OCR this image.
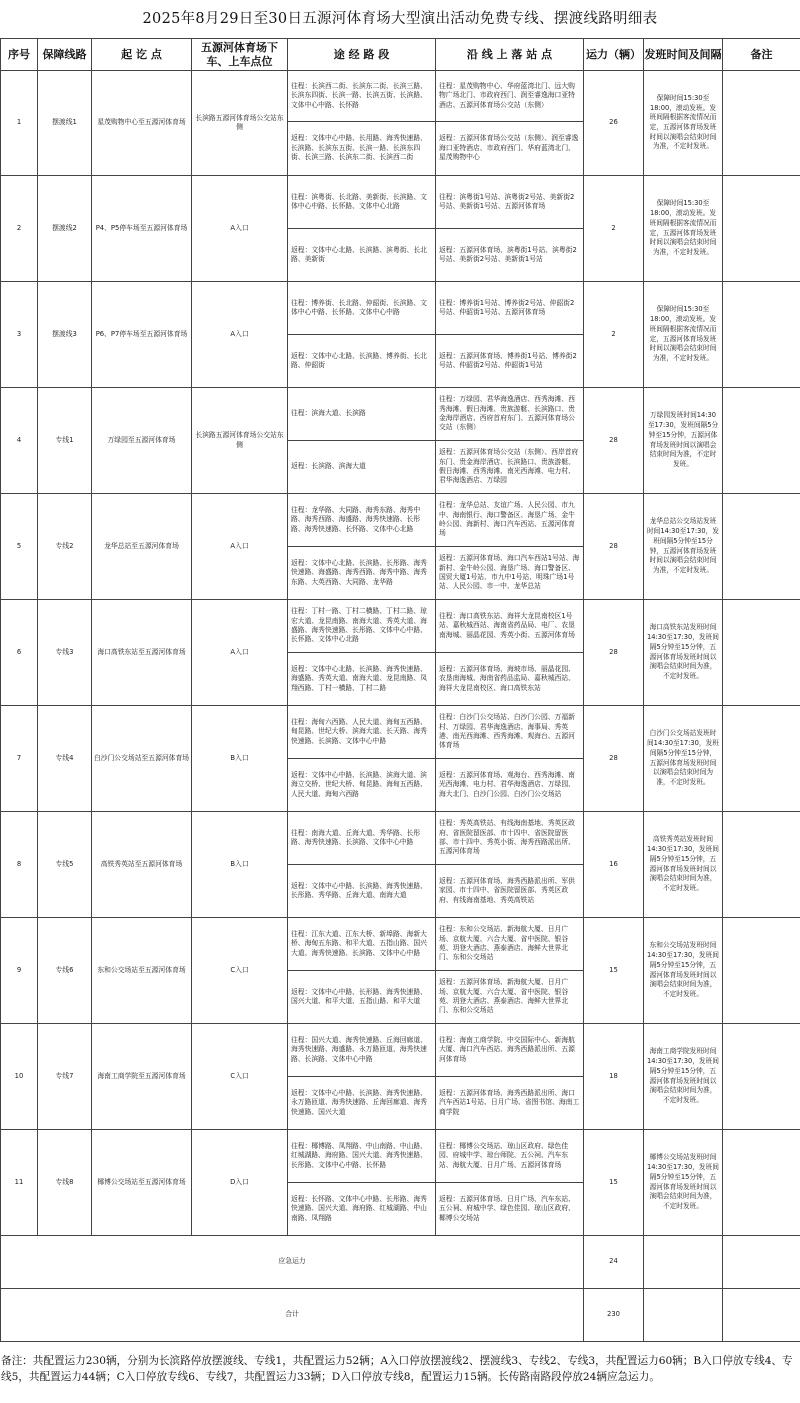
2025年8月29日至30日五源河体育场大型演出活动免费专线、摆渡线路明细表
序号	保障线路	起 讫 点	五源河体育场下车、上车点位	途 经 路 段	沿 线 上 落 站 点	运力（辆）	发班时间及间隔	备注
1	摆渡线1	星茂购物中心至五源河体育场	长滨路五源河体育场公交站东侧	往程：长滨西二街、长滨东二街、长滨三路、长滨东四街、长滨一路、长滨五街、长滨路、文体中心中路、长怀路	往程：星茂购物中心、华府蓝湾北门、远大购物广场北门、市政府西门、润至睿逸海口亚特酒店、五源河体育场公交站（东侧）	26	保障时间15:30至18:00，滚动发班。发班间隔根据客流情况而定，五源河体育场发班时间以演唱会结束时间为准，不定时发班。	
				返程：文体中心中路、长用路、海秀快速路、长滨路、长滨东五街、长滨一路、长滨东四街、长滨三路、长滨东二街、长滨西二街	返程：五源河体育场公交站（东侧）、润至睿逸海口亚特酒店、市政府西门、华府蓝湾北门、星茂购物中心			
2	摆渡线2	P4、P5停车场至五源河体育场	A入口	往程：滨粤街、长北路、美新街、长滨路、文体中心中路、长怀路、文体中心北路	往程：滨粤街1号站、滨粤街2号站、美新街2号站、美新街1号站、五源河体育场	2	保障时间15:30至18:00，滚动发班。发班间隔根据客流情况而定，五源河体育场发班时间以演唱会结束时间为准，不定时发班。	
				返程：文体中心北路、长滨路、滨粤街、长北路、美新街	返程：五源河体育场、滨粤街1号站、滨粤街2号站、美新街2号站、美新街1号站			
3	摆渡线3	P6、P7停车场至五源河体育场	A入口	往程：博养街、长北路、仲韶街、长滨路、文体中心中路、长怀路、文体中心中路	往程：博养街1号站、博养街2号站、仲韶街2号站、仲韶街1号站、五源河体育场	2	保障时间15:30至18:00，滚动发班。发班间隔根据客流情况而定，五源河体育场发班时间以演唱会结束时间为准，不定时发班。	
				返程：文体中心北路、长滨路、博养街、长北路、仲韶街	返程：五源河体育场、博养街1号站、博养街2号站、仲韶街2号站、仲韶街1号站			
4	专线1	万绿园至五源河体育场	长滨路五源河体育场公交站东侧	往程：滨海大道、长滨路	往程：万绿园、君华海逸酒店、西秀海滩、西秀海滩、假日海滩、贵族游艇、长滨路口、贵金海岸酒店、西府首府东门、五源河体育场公交站（东侧）	28	万绿园发班时间14:30至17:30，发班间隔5分钟至15分钟，五源河体育场发班时间以演唱会结束时间为准，不定时发班。	
				返程：长滨路、滨海大道	返程：五源河体育场公交站（东侧）、西岸首府东门、贵金海岸酒店、长滨路口、贵族游艇、假日海滩、西秀海滩、南光西海滩、电力村、君华海逸酒店、万绿园			
5	专线2	龙华总站至五源河体育场	A入口	往程：龙华路、大同路、海秀东路、海秀中路、海秀西路、海盛路、海秀快速路、长彤路、海秀快速路、长怀路、文体中心北路	往程：龙华总站、友谊广场、人民公园、市九中、海南银行、海口警备区、海垦广场、金牛岭公园、海新村、海口汽车西站、五源河体育场	28	龙华总站公交场站发班时间14:30至17:30，发班间隔5分钟至15分钟，五源河体育场发班时间以演唱会结束时间为准，不定时发班。	
				返程：文体中心北路、长滨路、长彤路、海秀快速路、海盛路、海秀西路、海秀中路、海秀东路、大英西路、大同路、龙华路	返程：五源河体育场、海口汽车西站1号站、海新村、金牛岭公园、海垦广场、海口警备区、国贸大厦1号站、市九中1号站、明珠广场1号站、人民公园、市一中、龙华总站			
6	专线3	海口高铁东站至五源河体育场	A入口	往程：丁村一路、丁村二横路、丁村二路、琼宏大道、龙昆南路、南海大道、秀英大道、海盛路、海秀快速路、长彤路、文体中心中路、长怀路、文体中心北路	往程：海口高铁东站、海祥大龙昆南校区1号站、嘉秋城西站、海南省药品局、电厂、农垦南海城、丽晶花园、秀英小街、五源河体育场	28	海口高铁东站发班时间14:30至17:30，发班间隔5分钟至15分钟，五源河体育场发班时间以演唱会结束时间为准，不定时发班。	
				返程：文体中心北路、长滨路、海秀快速路、海盛路、秀英大道、南海大道、龙昆南路、凤翔西路、丁村一横路、丁村二路	返程：五源河体育场、海坡市场、丽晶花园、农垦南海城、海南省药品监局、嘉秋城西站、海祥大龙昆南校区、海口高铁东站			
7	专线4	白沙门公交场站至五源河体育场	B入口	往程：海甸六西路、人民大道、海甸五西路、甸昆路、世纪大桥、滨海大道、长天路、海秀快速路、长滨路、文体中心中路	往程：白沙门公交场站、白沙门公园、万福新村、万绿园、君华海逸酒店、海事局、秀英港、南光西海滩、西秀海滩、观海台、五源河体育场	28	白沙门公交场站发班时间14:30至17:30，发班间隔5分钟至15分钟，五源河体育场发班时间以演唱会结束时间为准，不定时发班。	
				返程：文体中心中路、长滨路、滨海大道、滨海立交桥、世纪大桥、甸昆路、海甸五西路、人民大道、海甸六西路	返程：五源河体育场、观海台、西秀海滩、南光西海滩、电力村、君华海逸酒店、万绿园、海大北门、白沙门公园、白沙门公交场站			
8	专线5	高铁秀英站至五源河体育场	B入口	往程：南海大道、丘海大道、秀华路、长彤路、海秀快速路、长滨路、文体中心中路	往程：秀英高铁站、有线海南基地、秀英区政府、省医院留医部、市十四中、省医院留医部、市十四中、秀英小街、海秀西路派出所、五源河体育场	16	高铁秀英站发班时间14:30至17:30，发班间隔5分钟至15分钟，五源河体育场发班时间以演唱会结束时间为准，不定时发班。	
				返程：文体中心中路、长滨路、海秀快速路、长彤路、秀华路、丘海大道、南海大道	返程：五源河体育场、海秀西路派出所、军供家园、市十四中、省医院留医部、秀英区政府、有线海南基地、秀英高铁站			
9	专线6	东和公交场站至五源河体育场	C入口	往程：江东大道、江东大桥、新埠路、海新大桥、海甸五东路、和平大道、五指山路、国兴大道、海秀快速路、长滨路、文体中心中路	往程：东和公交场站、新海航大厦、日月广场、京航大厦、六合大厦、省中医院、银谷苑、玥登大酒店、燕泰酒店、海鲜大世界北门、东和公交场站	15	东和公交场站发班时间14:30至17:30，发班间隔5分钟至15分钟，五源河体育场发班时间以演唱会结束时间为准，不定时发班。	
				返程：文体中心中路、长形路、海秀快速路、国兴大道、和平大道、五指山路、和平大道	返程：五源河体育场、新海航大厦、日月广场、京航大厦、六合大厦、省中医院、银谷苑、玥登大酒店、燕泰酒店、海鲜大世界北门、东和公交场站			
10	专线7	海南工商学院至五源河体育场	C入口	往程：国兴大道、海秀快速路、丘海回廊道、海秀快速路、海盛路、永万路匝道、海秀快速路、长滨路、文体中心中路	往程：海南工商学院、中交国际中心、新海航大厦、海口汽车西站、海秀西路派出所、五源河体育场	18	海南工商学院发班时间14:30至17:30，发班间隔5分钟至15分钟，五源河体育场发班时间以演唱会结束时间为准，不定时发班。	
				返程：文体中心中路、长滨路、海秀快速路、永万路匝道、海秀快速路、丘海回廊道、海秀快速路、国兴大道	返程：五源河体育场、海秀西路派出所、海口汽车西站1号站、日月广场、省图书馆、海南工商学院			
11	专线8	椰博公交场站至五源河体育场	D入口	往程：椰博路、凤翔路、中山南路、中山路、红城湖路、海府路、国兴大道、海秀快速路、长彤路、文体中心中路、长怀路	往程：椰博公交场站、琼山区政府、绿色佳园、府城中学、琼台师院、五公祠、汽车东站、海航大厦、日月广场、五源河体育场	15	椰博公交场站发班时间14:30至17:30，发班间隔5分钟至15分钟，五源河体育场发班时间以演唱会结束时间为准，不定时发班。	
				返程：长怀路、文体中心中路、长彤路、海秀快速路、国兴大道、海府路、红城湖路、中山南路、凤翔路	返程：五源河体育场、日月广场、汽车东站、五公祠、府城中学、绿色佳园、琼山区政府、椰博公交场站			
应急运力						24		
合计						230		

备注：共配置运力230辆，分别为长滨路停放摆渡线、专线1，共配置运力52辆；A入口停放摆渡线2、摆渡线3、专线2、专线3，共配置运力60辆；B入口停放专线4、专线5，共配置运力44辆；C入口停放专线6、专线7，共配置运力33辆；D入口停放专线8，配置运力15辆。长传路南路段停放24辆应急运力。
